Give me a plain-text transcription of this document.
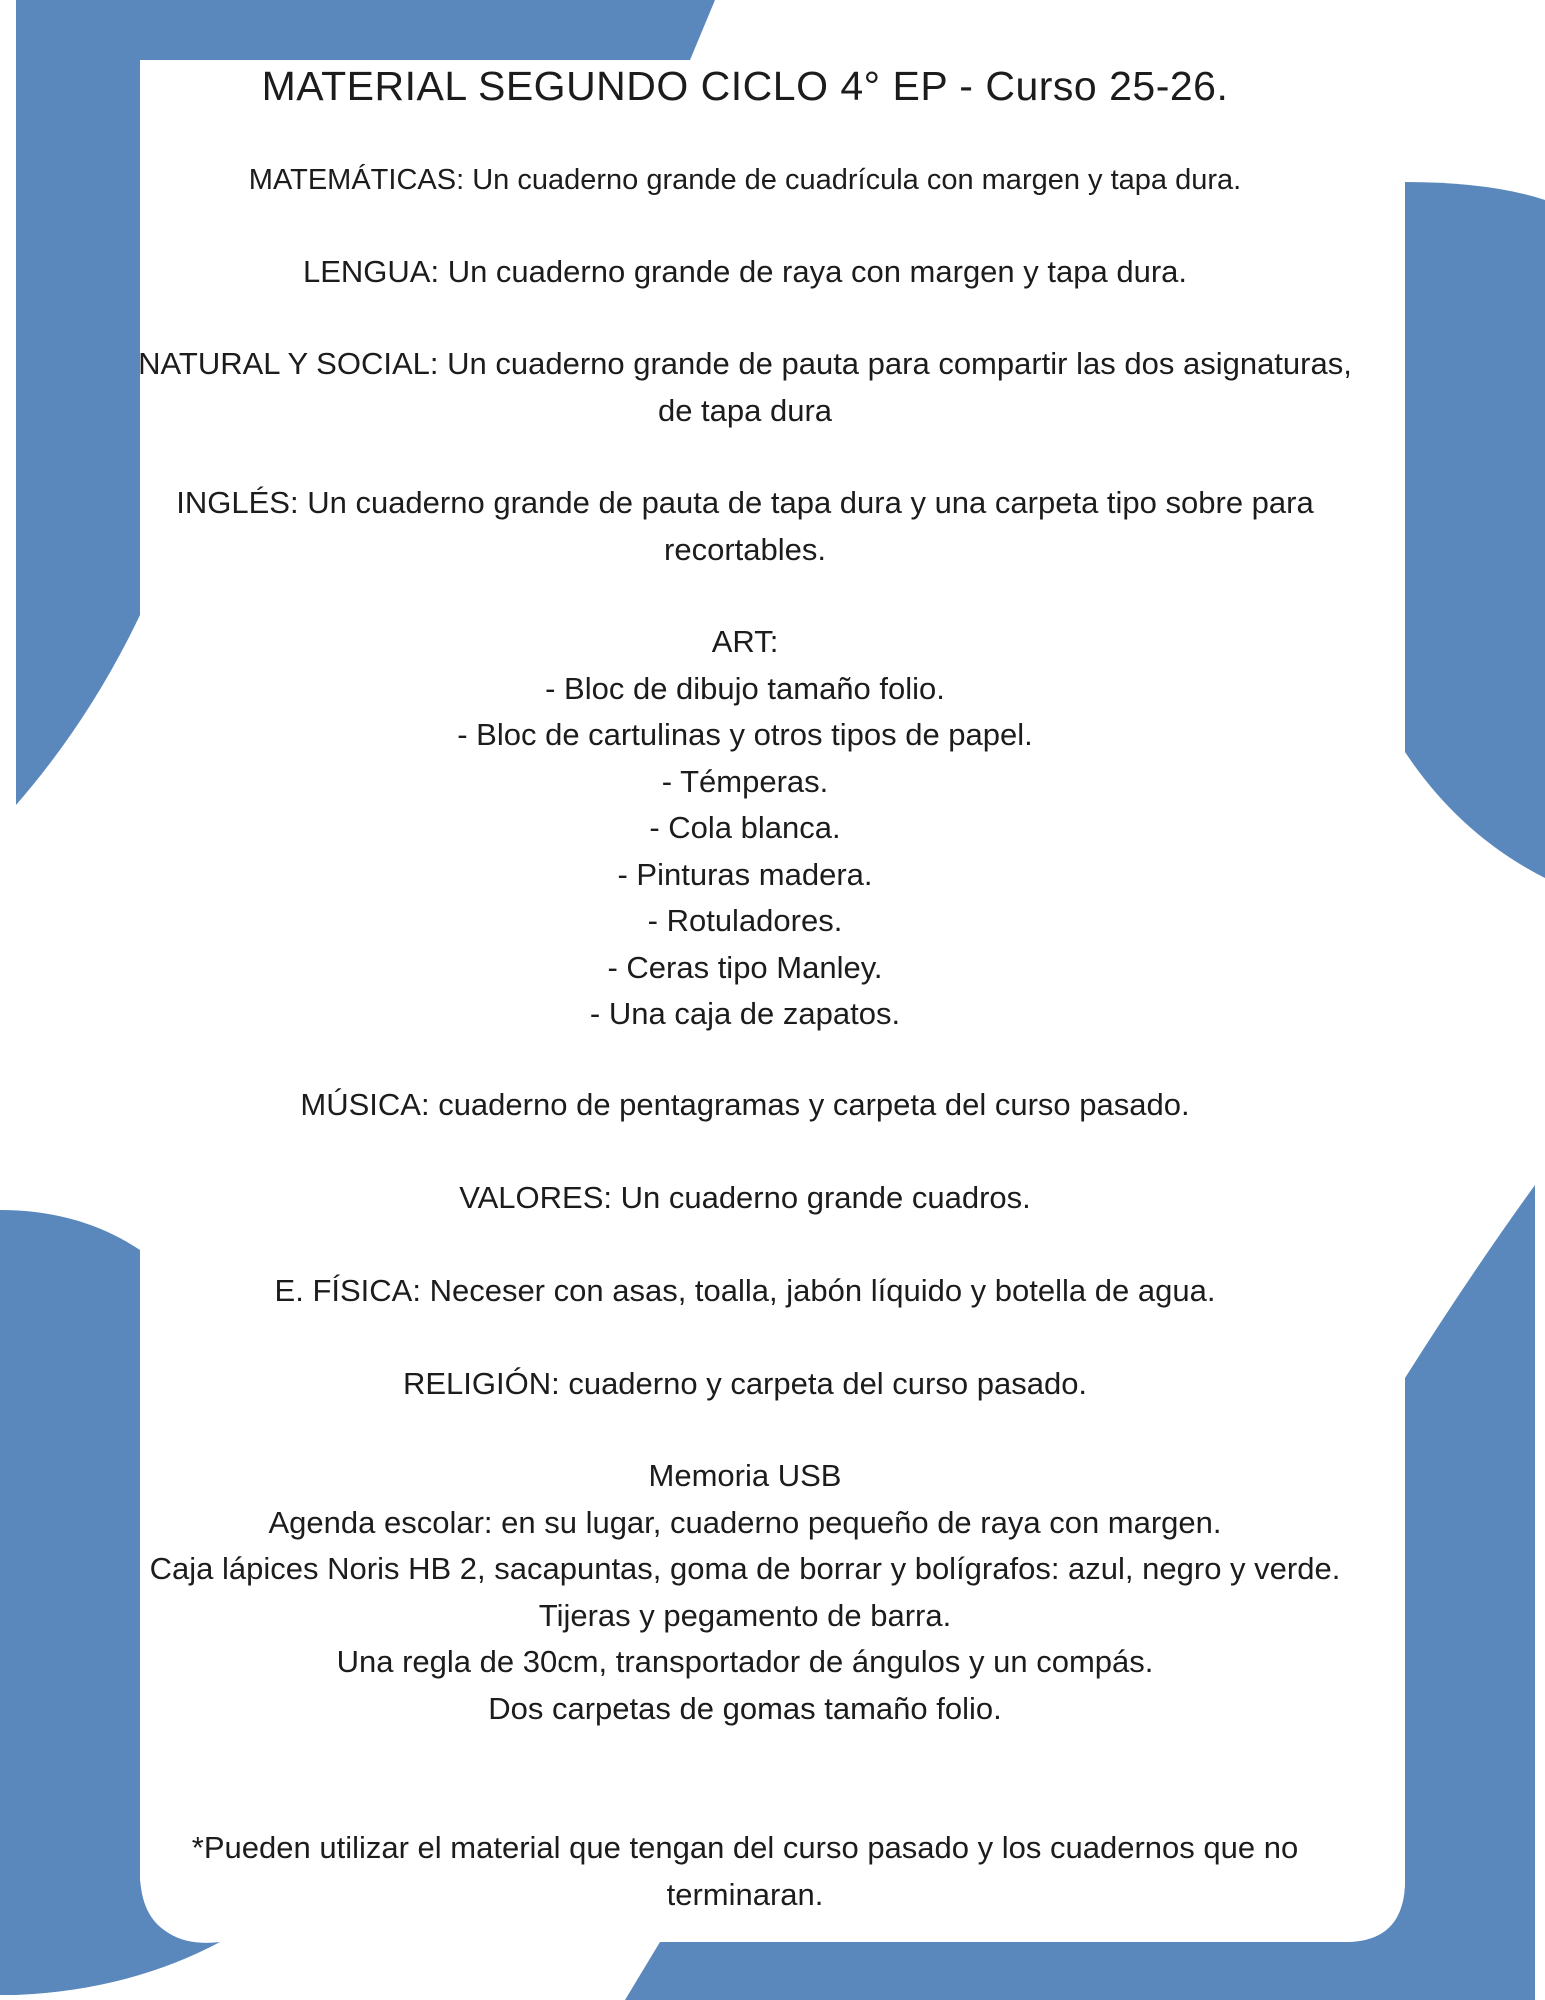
MATERIAL SEGUNDO CICLO 4° EP - Curso 25-26.
MATEMÁTICAS: Un cuaderno grande de cuadrícula con margen y tapa dura.
LENGUA: Un cuaderno grande de raya con margen y tapa dura.
NATURAL Y SOCIAL: Un cuaderno grande de pauta para compartir las dos asignaturas,
de tapa dura
INGLÉS: Un cuaderno grande de pauta de tapa dura y una carpeta tipo sobre para
recortables.
ART:
- Bloc de dibujo tamaño folio.
- Bloc de cartulinas y otros tipos de papel.
- Témperas.
- Cola blanca.
- Pinturas madera.
- Rotuladores.
- Ceras tipo Manley.
- Una caja de zapatos.
MÚSICA: cuaderno de pentagramas y carpeta del curso pasado.
VALORES: Un cuaderno grande cuadros.
E. FÍSICA: Neceser con asas, toalla, jabón líquido y botella de agua.
RELIGIÓN: cuaderno y carpeta del curso pasado.
Memoria USB
Agenda escolar: en su lugar, cuaderno pequeño de raya con margen.
Caja lápices Noris HB 2, sacapuntas, goma de borrar y bolígrafos: azul, negro y verde.
Tijeras y pegamento de barra.
Una regla de 30cm, transportador de ángulos y un compás.
Dos carpetas de gomas tamaño folio.
*Pueden utilizar el material que tengan del curso pasado y los cuadernos que no
terminaran.
